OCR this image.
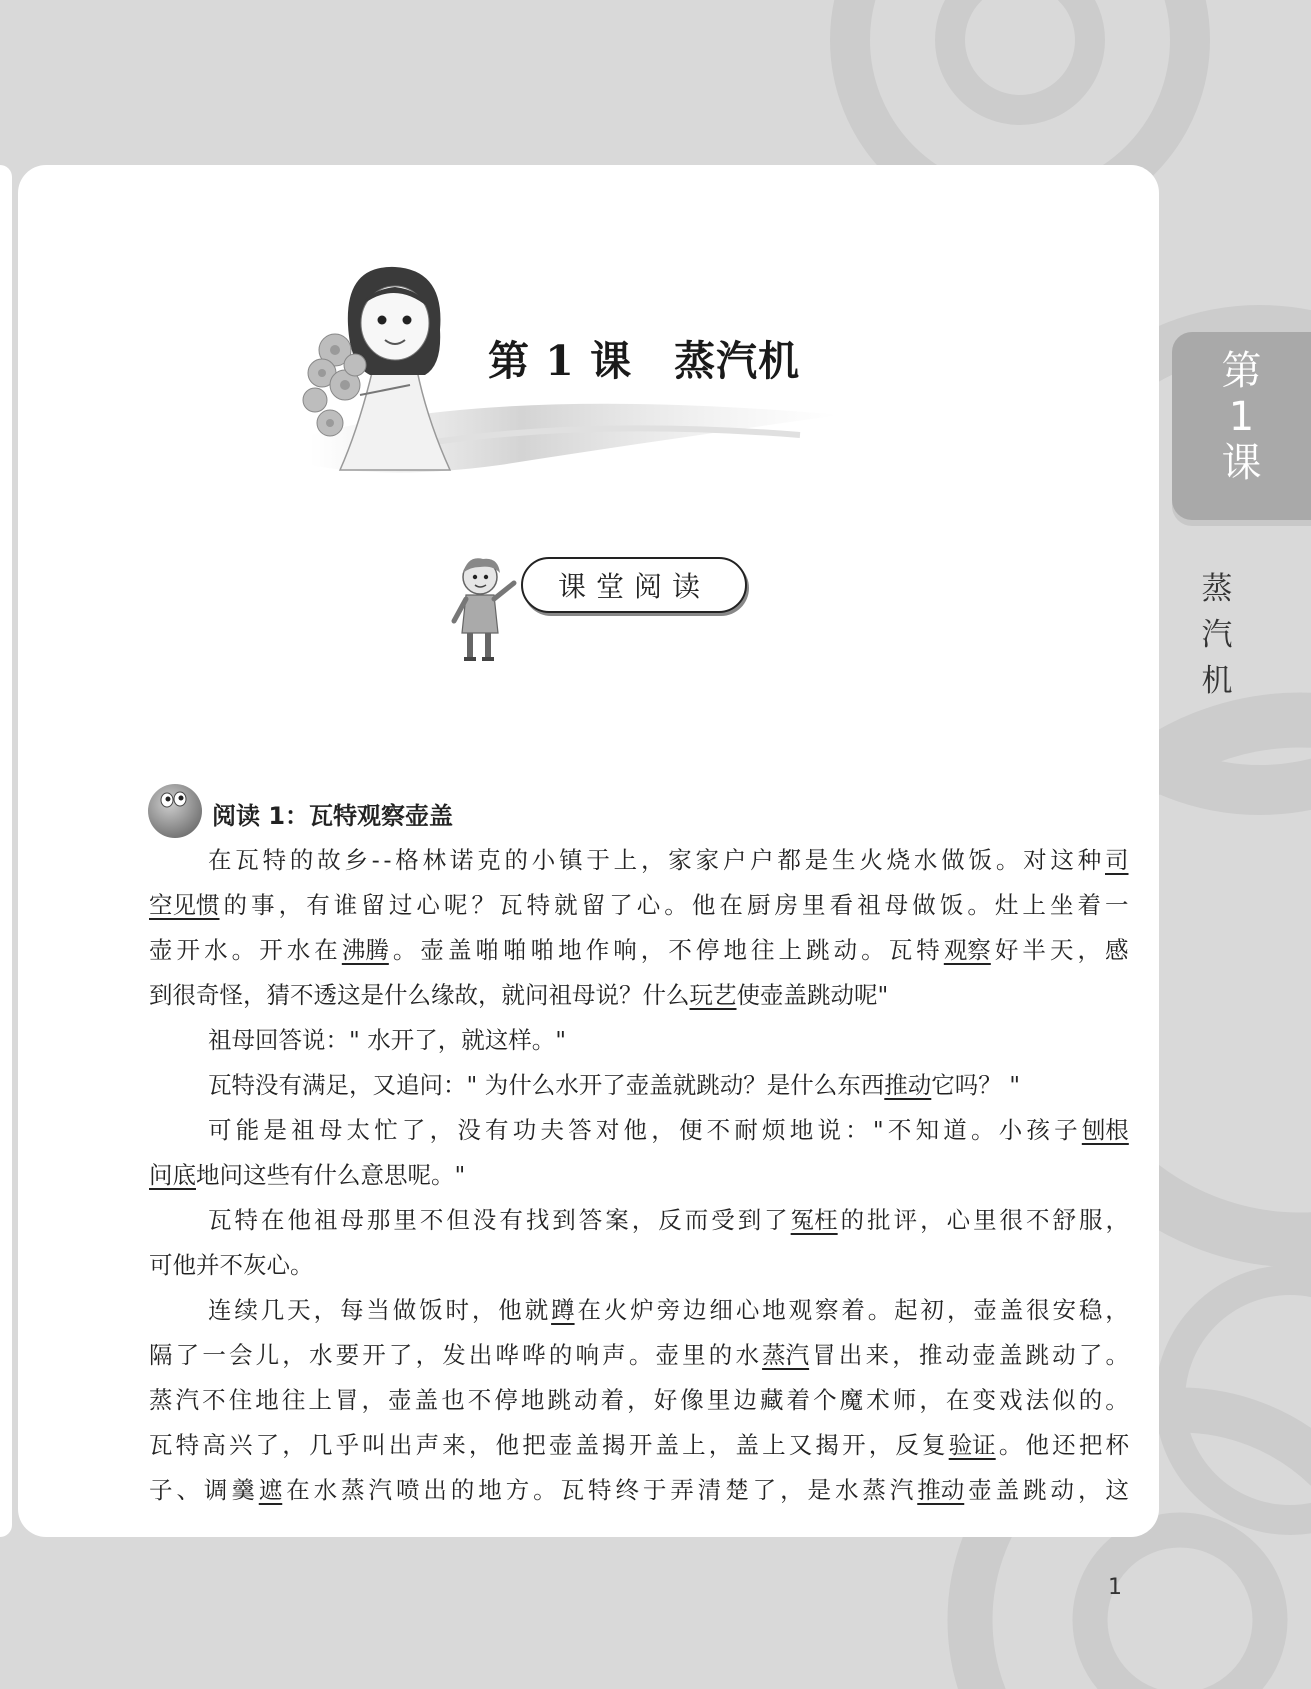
第
1
课
蒸
汽
机
第 1 课　蒸汽机
课堂阅读
阅读 1：瓦特观察壶盖
在 瓦 特 的 故 乡 - - 格 林 诺 克 的 小 镇 于 上 ， 家 家 户 户 都 是 生 火 烧 水 做 饭 。 对 这 种 司
空见惯 的 事 ， 有 谁 留 过 心 呢 ？ 瓦 特 就 留 了 心 。 他 在 厨 房 里 看 祖 母 做 饭 。 灶 上 坐 着 一
壶 开 水 。 开 水 在 沸腾 。 壶 盖 啪 啪 啪 地 作 响 ， 不 停 地 往 上 跳 动 。 瓦 特 观察 好 半 天 ， 感
到很奇怪，猜不透这是什么缘故，就问祖母说？什么玩艺使壶盖跳动呢"
祖母回答说：" 水开了，就这样。"
瓦特没有满足，又追问：" 为什么水开了壶盖就跳动？是什么东西推动它吗？ "
可 能 是 祖 母 太 忙 了 ， 没 有 功 夫 答 对 他 ， 便 不 耐 烦 地 说 ： " 不 知 道 。 小 孩 子 刨根
问底地问这些有什么意思呢。"
瓦 特 在 他 祖 母 那 里 不 但 没 有 找 到 答 案 ， 反 而 受 到 了 冤枉 的 批 评 ， 心 里 很 不 舒 服 ，
可他并不灰心。
连 续 几 天 ， 每 当 做 饭 时 ， 他 就 蹲 在 火 炉 旁 边 细 心 地 观 察 着 。 起 初 ， 壶 盖 很 安 稳 ，
隔 了 一 会 儿 ， 水 要 开 了 ， 发 出 哗 哗 的 响 声 。 壶 里 的 水 蒸汽 冒 出 来 ， 推 动 壶 盖 跳 动 了 。
蒸 汽 不 住 地 往 上 冒 ， 壶 盖 也 不 停 地 跳 动 着 ， 好 像 里 边 藏 着 个 魔 术 师 ， 在 变 戏 法 似 的 。
瓦 特 高 兴 了 ， 几 乎 叫 出 声 来 ， 他 把 壶 盖 揭 开 盖 上 ， 盖 上 又 揭 开 ， 反 复 验证 。 他 还 把 杯
子 、 调 羹 遮 在 水 蒸 汽 喷 出 的 地 方 。 瓦 特 终 于 弄 清 楚 了 ， 是 水 蒸 汽 推动 壶 盖 跳 动 ， 这
1
